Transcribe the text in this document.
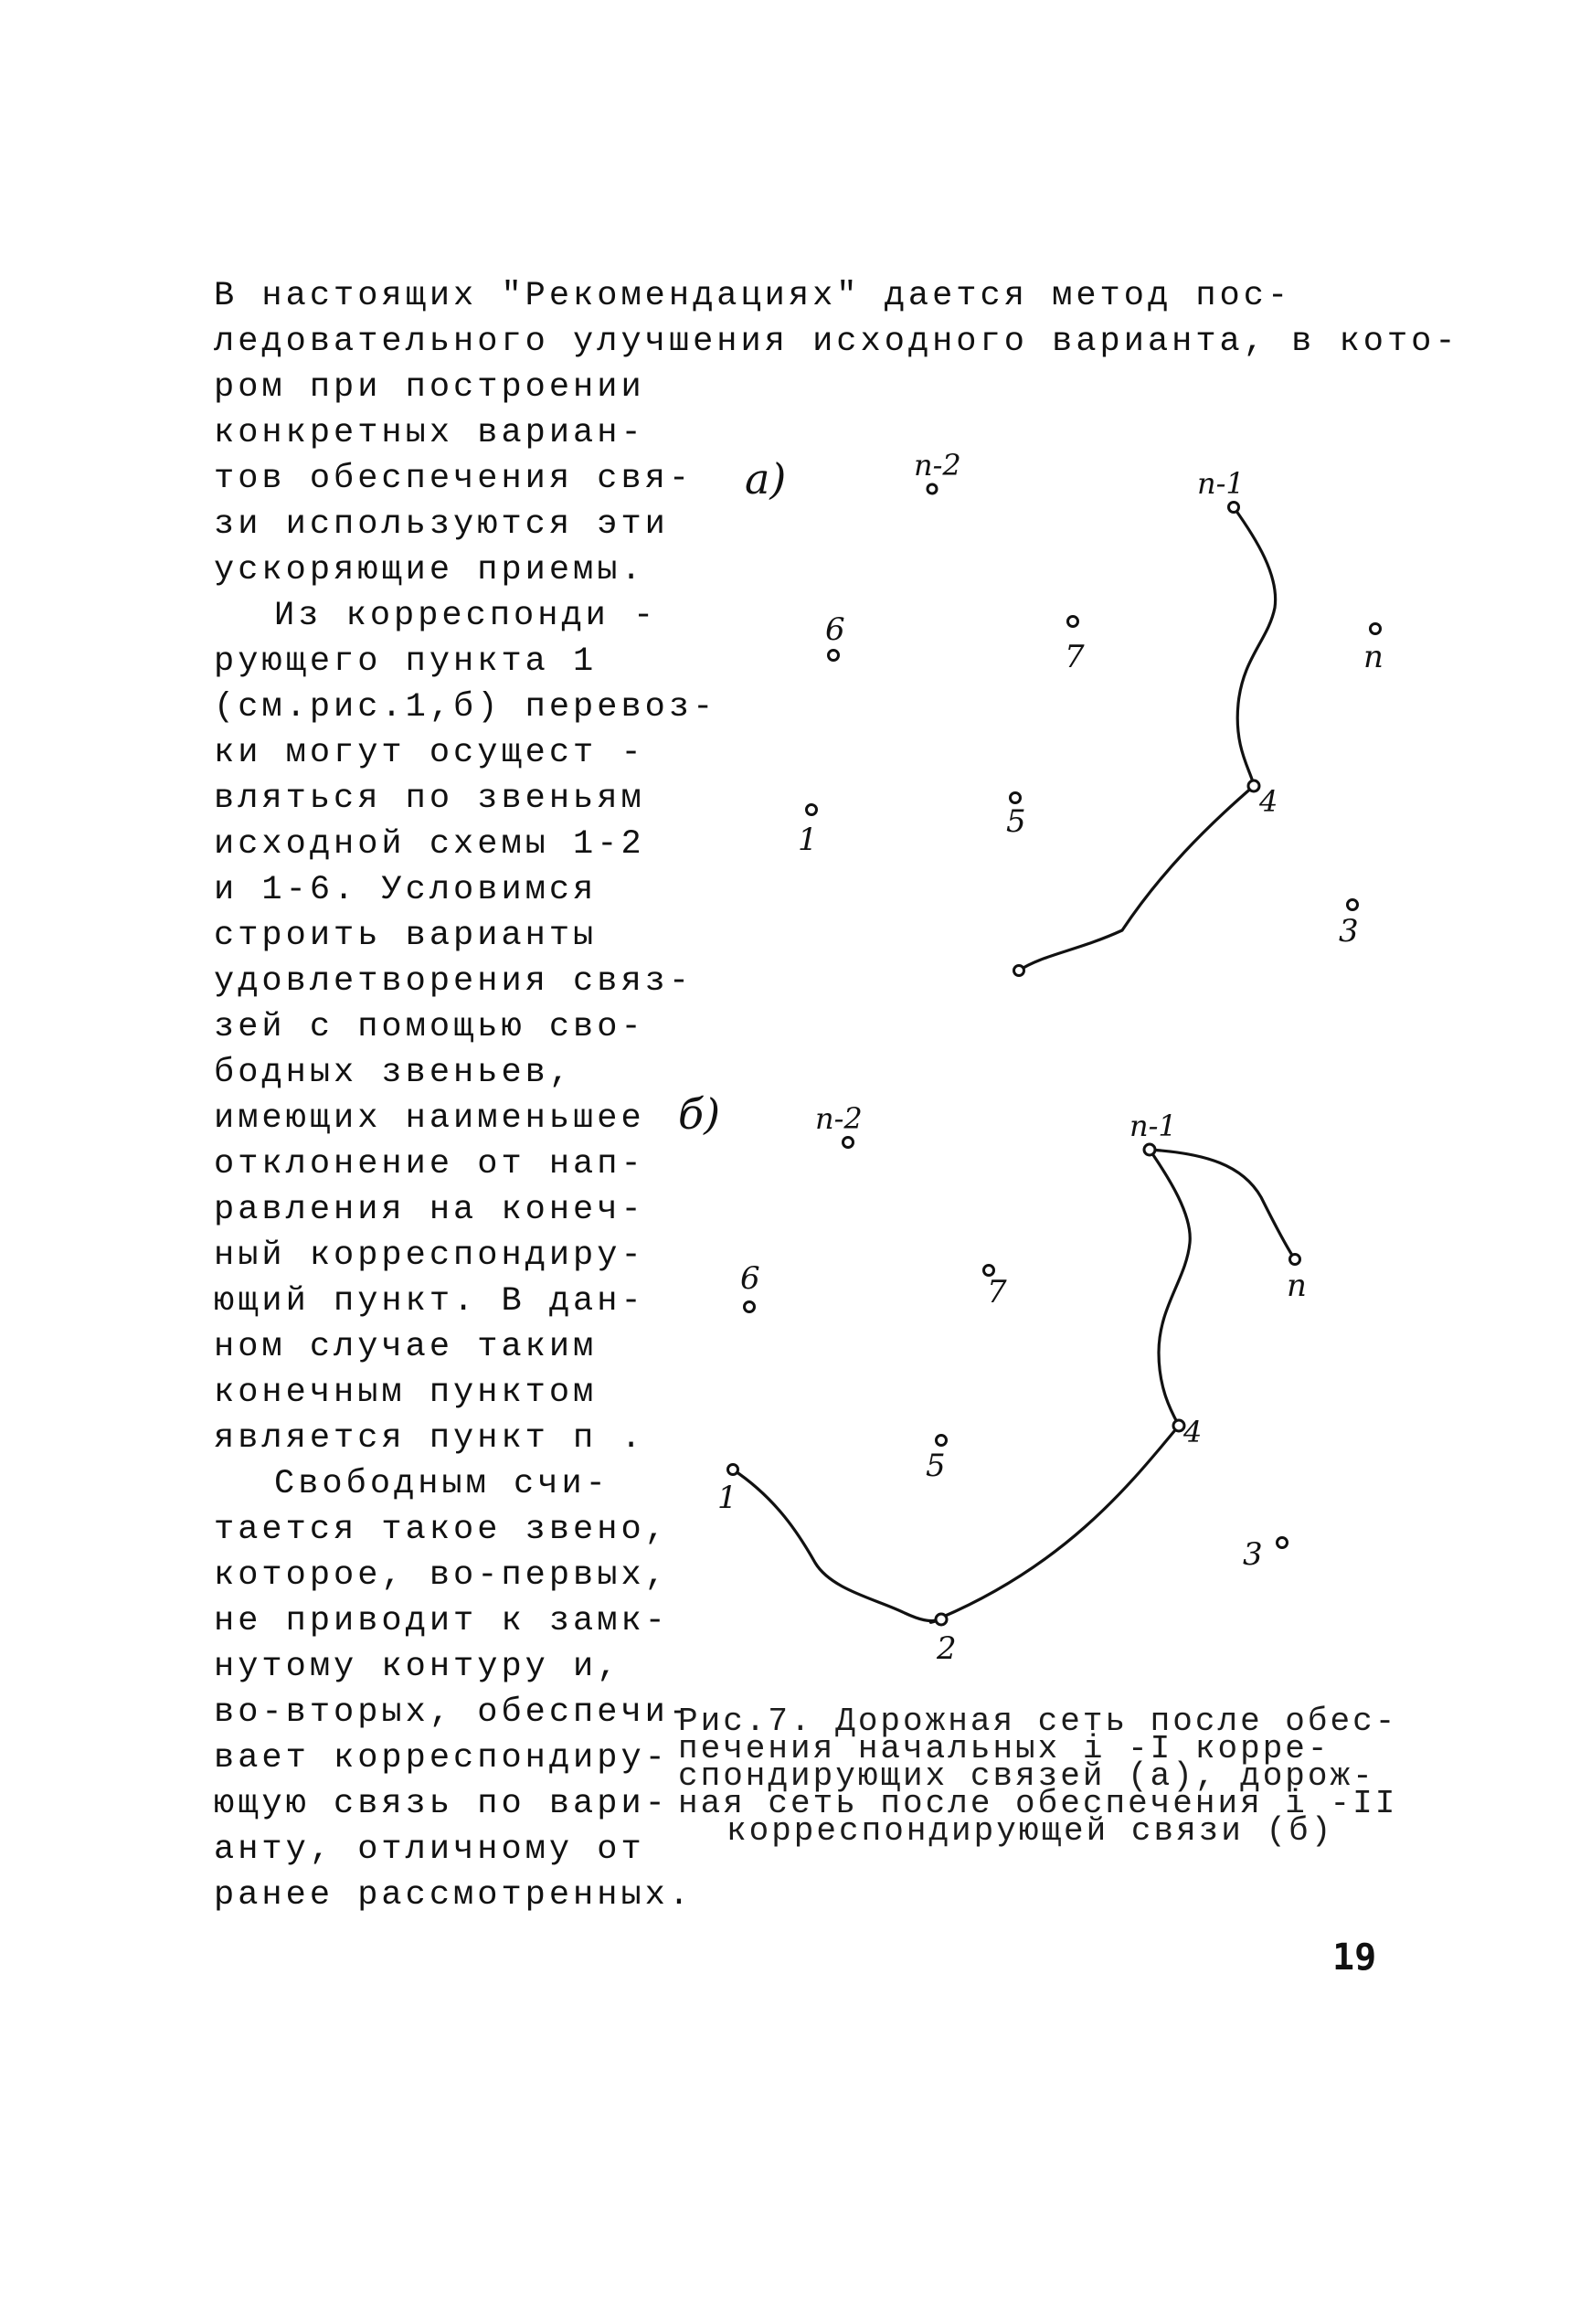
В настоящих "Рекомендациях" дается метод пос-
ледовательного улучшения исходного варианта, в кото-
ром при построении
конкретных вариан-
тов обеспечения свя-
зи используются эти
ускоряющие приемы.
Из корреспонди -
рующего пункта 1
(см.рис.1,б) перевоз-
ки могут осущест -
вляться по звеньям
исходной схемы 1-2
и 1-6. Условимся
строить варианты
удовлетворения связ-
зей с помощью сво-
бодных звеньев,
имеющих наименьшее
отклонение от нап-
равления на конеч-
ный корреспондиру-
ющий пункт. В дан-
ном случае таким
конечным пунктом
является пункт п .
Свободным счи-
тается такое звено,
которое, во-первых,
не приводит к замк-
нутому контуру и,
во-вторых, обеспечи-
вает корреспондиру-
ющую связь по вари-
анту, отличному от
ранее рассмотренных.
а)
б)
п-2
п-1
6
7	п
4
1	5
3
п-2	п-1
п
6	7
4
5
1
3
2
Рис.7. Дорожная сеть после обес-
печения начальных i -I корре-
спондирующих связей (а), дорож-
ная сеть после обеспечения i -II
корреспондирующей связи (б)
19
